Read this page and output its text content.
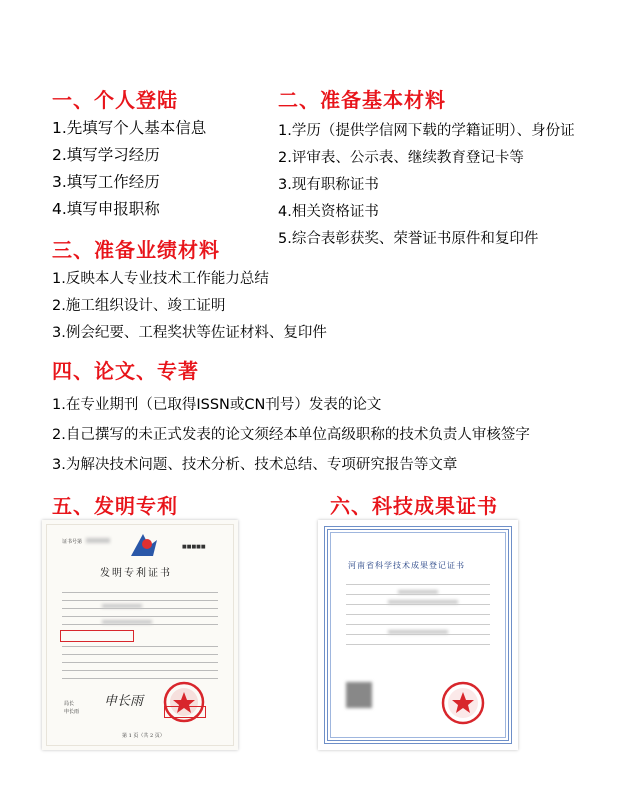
一、个人登陆
1.先填写个人基本信息
2.填写学习经历
3.填写工作经历
4.填写申报职称
二、准备基本材料
1.学历（提供学信网下载的学籍证明）、身份证
2.评审表、公示表、继续教育登记卡等
3.现有职称证书
4.相关资格证书
5.综合表彰获奖、荣誉证书原件和复印件
三、准备业绩材料
1.反映本人专业技术工作能力总结
2.施工组织设计、竣工证明
3.例会纪要、工程奖状等佐证材料、复印件
四、论文、专著
1.在专业期刊（已取得ISSN或CN刊号）发表的论文
2.自己撰写的未正式发表的论文须经本单位高级职称的技术负责人审核签字
3.为解决技术问题、技术分析、技术总结、专项研究报告等文章
五、发明专利	六、科技成果证书
证书号第
■■■■■
发明专利证书
申长雨
局长
申长雨
第 1 页（共 2 页）
河南省科学技术成果登记证书
